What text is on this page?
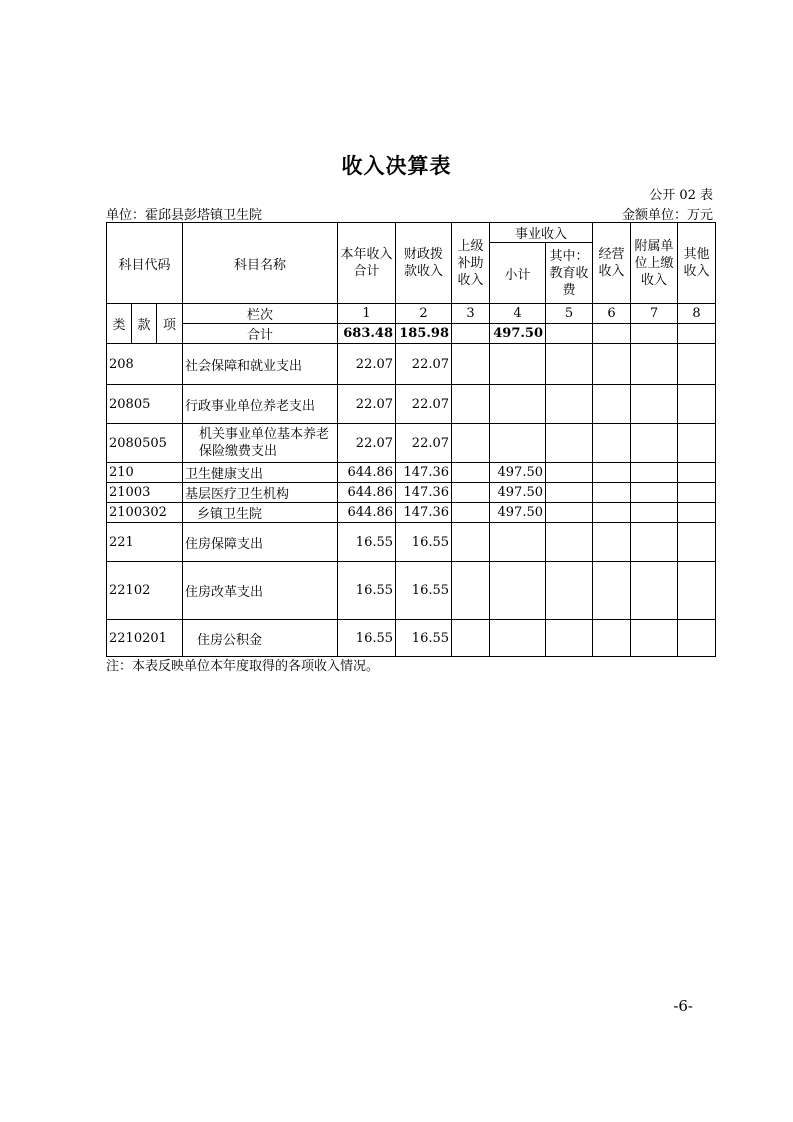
收入决算表
公开 02 表
单位：霍邱县彭塔镇卫生院	金额单位：万元
科目代码			科目名称	本年收入合计	财政拨款收入	上级补助收入	事业收入		经营收入	附属单位上缴收入	其他收入
							小计	其中：教育收费			
类	款	项	栏次	1	2	3	4	5	6	7	8
			合计	683.48	185.98		497.50				
208			社会保障和就业支出	22.07	22.07						
20805			行政事业单位养老支出	22.07	22.07						
2080505			机关事业单位基本养老保险缴费支出	22.07	22.07						
210			卫生健康支出	644.86	147.36		497.50				
21003			基层医疗卫生机构	644.86	147.36		497.50				
2100302			乡镇卫生院	644.86	147.36		497.50				
221			住房保障支出	16.55	16.55						
22102			住房改革支出	16.55	16.55						
2210201			住房公积金	16.55	16.55						
注：本表反映单位本年度取得的各项收入情况。
-6-
